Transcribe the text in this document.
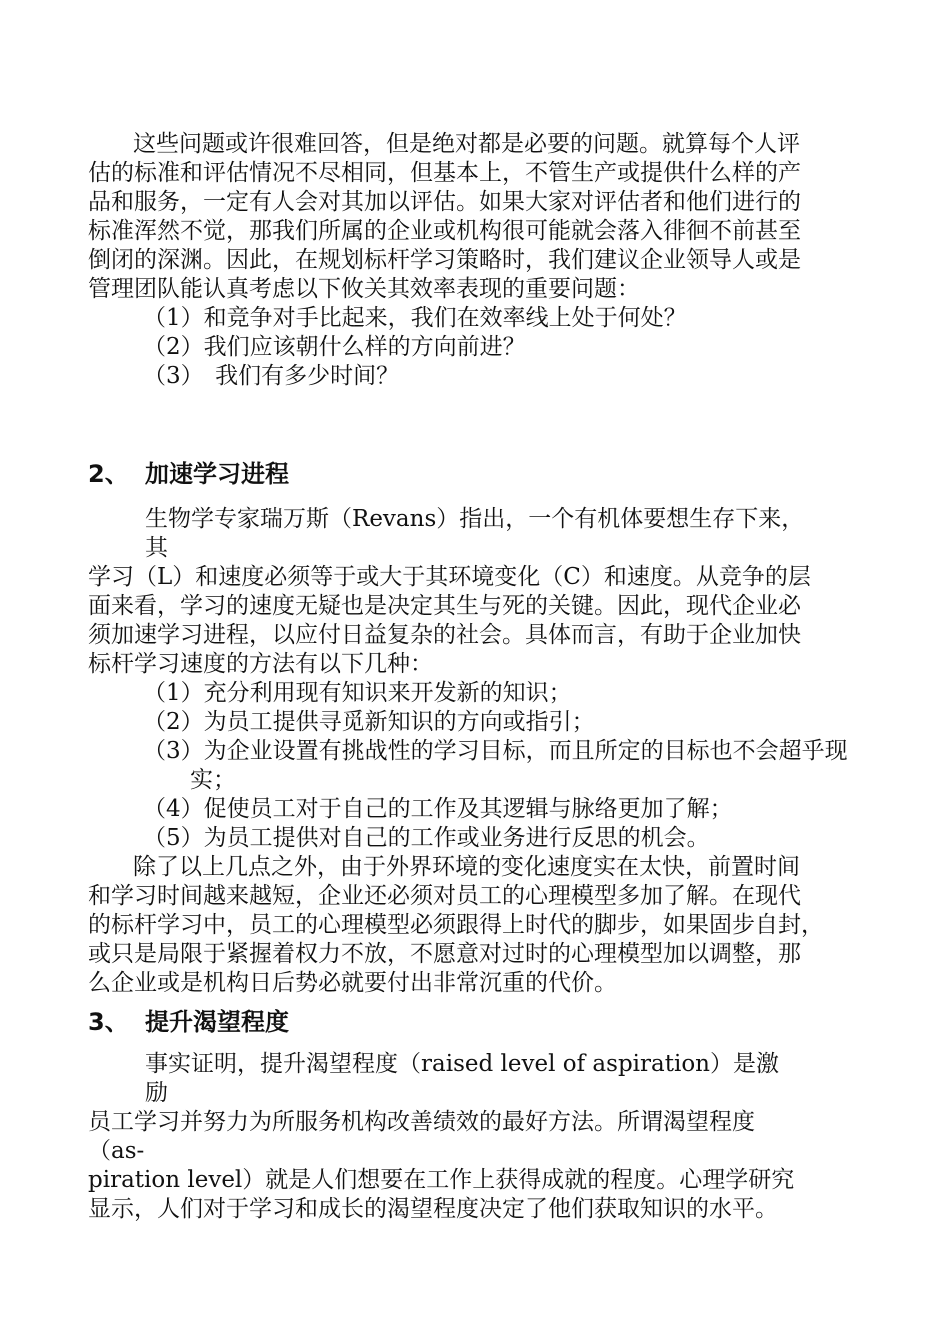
这些问题或许很难回答，但是绝对都是必要的问题。就算每个人评

估的标准和评估情况不尽相同，但基本上，不管生产或提供什么样的产

品和服务，一定有人会对其加以评估。如果大家对评估者和他们进行的

标准浑然不觉，那我们所属的企业或机构很可能就会落入徘徊不前甚至

倒闭的深渊。因此，在规划标杆学习策略时，我们建议企业领导人或是

管理团队能认真考虑以下攸关其效率表现的重要问题：

（1）和竞争对手比起来，我们在效率线上处于何处？

（2）我们应该朝什么样的方向前进？

（3）　我们有多少时间？

2、 加速学习进程

生物学专家瑞万斯（Revans）指出，一个有机体要想生存下来，

其

学习（L）和速度必须等于或大于其环境变化（C）和速度。从竞争的层

面来看，学习的速度无疑也是决定其生与死的关键。因此，现代企业必

须加速学习进程，以应付日益复杂的社会。具体而言，有助于企业加快

标杆学习速度的方法有以下几种：

（1）充分利用现有知识来开发新的知识；

（2）为员工提供寻觅新知识的方向或指引；

（3）为企业设置有挑战性的学习目标，而且所定的目标也不会超乎现

实；

（4）促使员工对于自己的工作及其逻辑与脉络更加了解；

（5）为员工提供对自己的工作或业务进行反思的机会。

除了以上几点之外，由于外界环境的变化速度实在太快，前置时间

和学习时间越来越短，企业还必须对员工的心理模型多加了解。在现代

的标杆学习中，员工的心理模型必须跟得上时代的脚步，如果固步自封，

或只是局限于紧握着权力不放，不愿意对过时的心理模型加以调整，那

么企业或是机构日后势必就要付出非常沉重的代价。

3、 提升渴望程度

事实证明，提升渴望程度（raised level of aspiration）是激

励

员工学习并努力为所服务机构改善绩效的最好方法。所谓渴望程度

（as-

piration level）就是人们想要在工作上获得成就的程度。心理学研究

显示，人们对于学习和成长的渴望程度决定了他们获取知识的水平。
